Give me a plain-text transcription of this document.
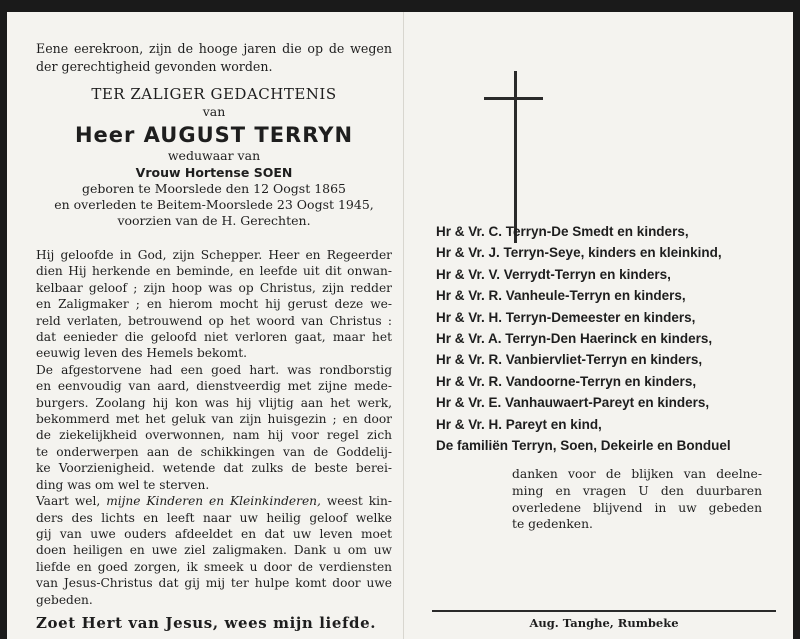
Eene eerekroon, zijn de hooge jaren die op de wegen

der gerechtigheid gevonden worden.

TER ZALIGER GEDACHTENIS
van
Heer AUGUST TERRYN
weduwaar van
Vrouw Hortense SOEN
geboren te Moorslede den 12 Oogst 1865
en overleden te Beitem-Moorslede 23 Oogst 1945,
voorzien van de H. Gerechten.

Hij geloofde in God, zijn Schepper. Heer en Regeerder
dien Hij herkende en beminde, en leefde uit dit onwan-
kelbaar geloof ; zijn hoop was op Christus, zijn redder
en Zaligmaker ; en hierom mocht hij gerust deze we-
reld verlaten, betrouwend op het woord van Christus :
dat eenieder die geloofd niet verloren gaat, maar het
eeuwig leven des Hemels bekomt.

De afgestorvene had een goed hart. was rondborstig
en eenvoudig van aard, dienstveerdig met zijne mede-
burgers. Zoolang hij kon was hij vlijtig aan het werk,
bekommerd met het geluk van zijn huisgezin ; en door
de ziekelijkheid overwonnen, nam hij voor regel zich
te onderwerpen aan de schikkingen van de Goddelij-
ke Voorzienigheid. wetende dat zulks de beste berei-
ding was om wel te sterven.

Vaart wel, mijne Kinderen en Kleinkinderen, weest kin-
ders des lichts en leeft naar uw heilig geloof welke
gij van uwe ouders afdeeldet en dat uw leven moet
doen heiligen en uwe ziel zaligmaken. Dank u om uw
liefde en goed zorgen, ik smeek u door de verdiensten
van Jesus-Christus dat gij mij ter hulpe komt door uwe
gebeden.

Zoet Hert van Jesus, wees mijn liefde.
Hr & Vr. C. Terryn-De Smedt en kinders,
Hr & Vr. J. Terryn-Seye, kinders en kleinkind,
Hr & Vr. V. Verrydt-Terryn en kinders,
Hr & Vr. R. Vanheule-Terryn en kinders,
Hr & Vr. H. Terryn-Demeester en kinders,
Hr & Vr. A. Terryn-Den Haerinck en kinders,
Hr & Vr. R. Vanbiervliet-Terryn en kinders,
Hr & Vr. R. Vandoorne-Terryn en kinders,
Hr & Vr. E. Vanhauwaert-Pareyt en kinders,
Hr & Vr. H. Pareyt en kind,
De familiën Terryn, Soen, Dekeirle en Bonduel
danken voor de blijken van deelne-
ming en vragen U den duurbaren
overledene blijvend in uw gebeden
te gedenken.
Aug. Tanghe, Rumbeke
